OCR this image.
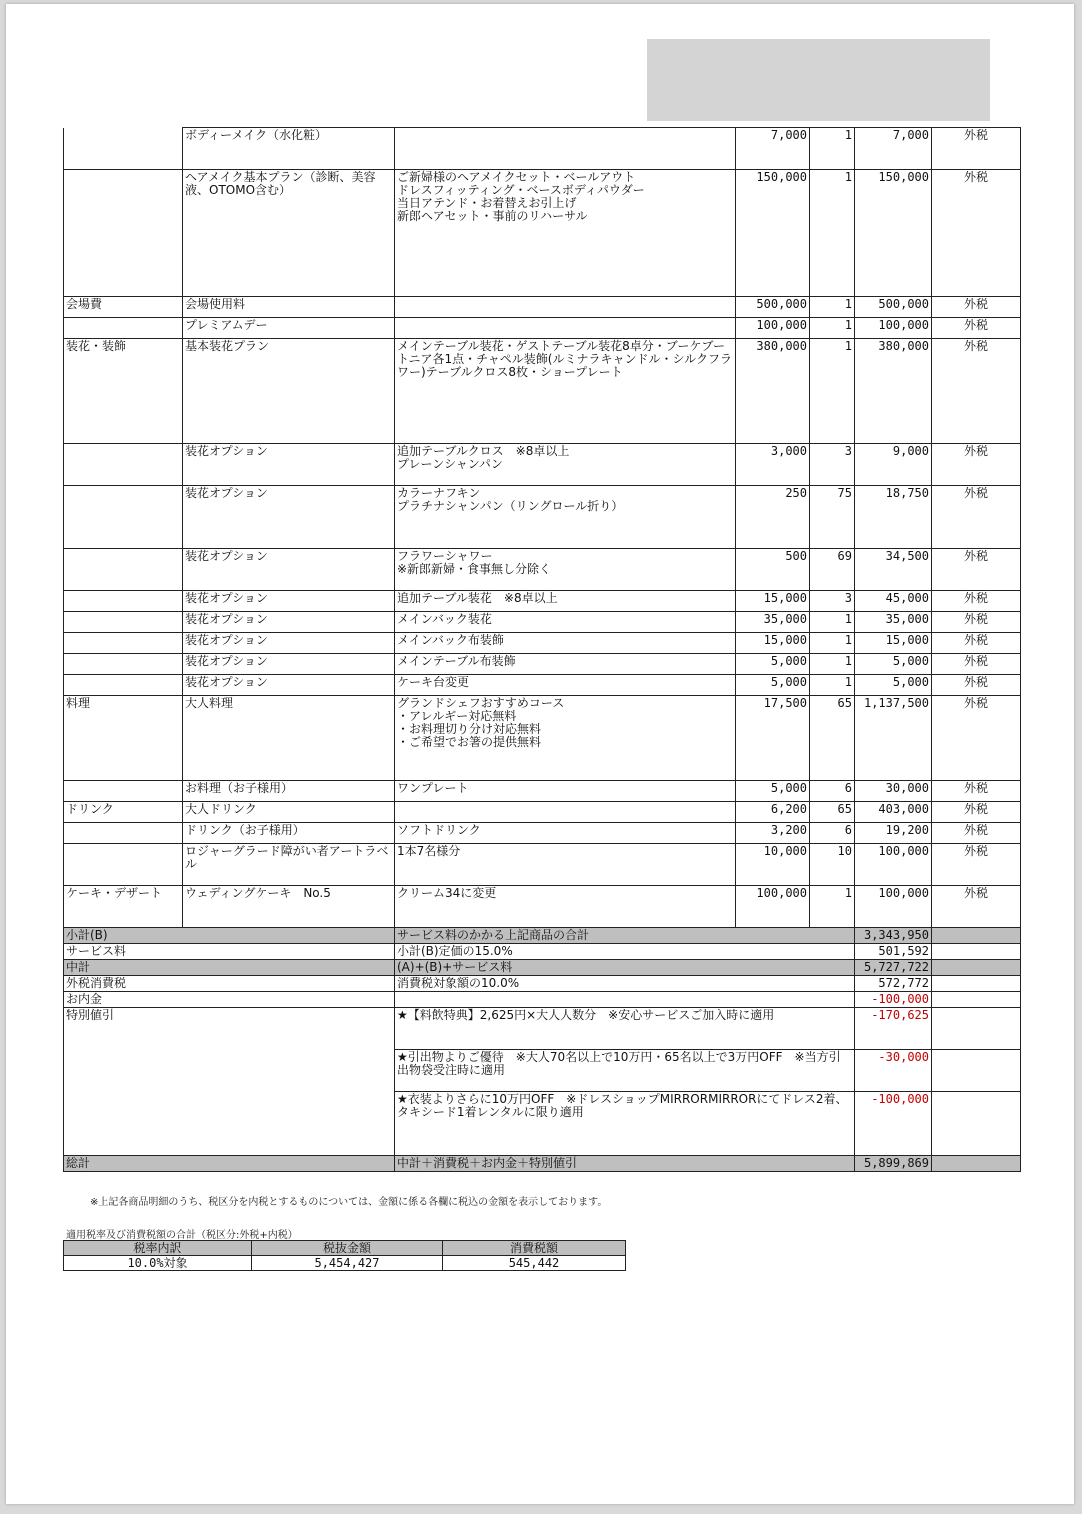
	ボディーメイク（水化粧）		7,000	1	7,000	外税
	ヘアメイク基本プラン（診断、美容液、OTOMO含む）	ご新婦様のヘアメイクセット・ベールアウト
ドレスフィッティング・ベースボディパウダー
当日アテンド・お着替えお引上げ
新郎ヘアセット・事前のリハーサル	150,000	1	150,000	外税
会場費	会場使用料		500,000	1	500,000	外税
	プレミアムデー		100,000	1	100,000	外税
装花・装飾	基本装花プラン	メインテーブル装花・ゲストテーブル装花8卓分・ブーケブートニア各1点・チャペル装飾(ルミナラキャンドル・シルクフラワー)テーブルクロス8枚・ショープレート	380,000	1	380,000	外税
	装花オプション	追加テーブルクロス　※8卓以上
プレーンシャンパン	3,000	3	9,000	外税
	装花オプション	カラーナフキン
プラチナシャンパン（リングロール折り）	250	75	18,750	外税
	装花オプション	フラワーシャワー
※新郎新婦・食事無し分除く	500	69	34,500	外税
	装花オプション	追加テーブル装花　※8卓以上	15,000	3	45,000	外税
	装花オプション	メインバック装花	35,000	1	35,000	外税
	装花オプション	メインバック布装飾	15,000	1	15,000	外税
	装花オプション	メインテーブル布装飾	5,000	1	5,000	外税
	装花オプション	ケーキ台変更	5,000	1	5,000	外税
料理	大人料理	グランドシェフおすすめコース
・アレルギー対応無料
・お料理切り分け対応無料
・ご希望でお箸の提供無料	17,500	65	1,137,500	外税
	お料理（お子様用）	ワンプレート	5,000	6	30,000	外税
ドリンク	大人ドリンク		6,200	65	403,000	外税
	ドリンク（お子様用）	ソフトドリンク	3,200	6	19,200	外税
	ロジャーグラード障がい者アートラベル	1本7名様分	10,000	10	100,000	外税
ケーキ・デザート	ウェディングケーキ　No.5	クリーム34に変更	100,000	1	100,000	外税
小計(B)		サービス料のかかる上記商品の合計			3,343,950	
サービス料		小計(B)定価の15.0%			501,592	
中計		(A)+(B)+サービス料			5,727,722	
外税消費税		消費税対象額の10.0%			572,772	
お内金					-100,000	
特別値引		★【料飲特典】2,625円×大人人数分　※安心サービスご加入時に適用			-170,625	
		★引出物よりご優待　※大人70名以上で10万円・65名以上で3万円OFF　※当方引出物袋受注時に適用			-30,000	
		★衣装よりさらに10万円OFF　※ドレスショップMIRRORMIRRORにてドレス2着、タキシード1着レンタルに限り適用			-100,000	
総計		中計＋消費税＋お内金＋特別値引			5,899,869	
※上記各商品明細のうち、税区分を内税とするものについては、金額に係る各欄に税込の金額を表示しております。
適用税率及び消費税額の合計（税区分:外税+内税）
税率内訳	税抜金額	消費税額
10.0%対象	5,454,427	545,442
